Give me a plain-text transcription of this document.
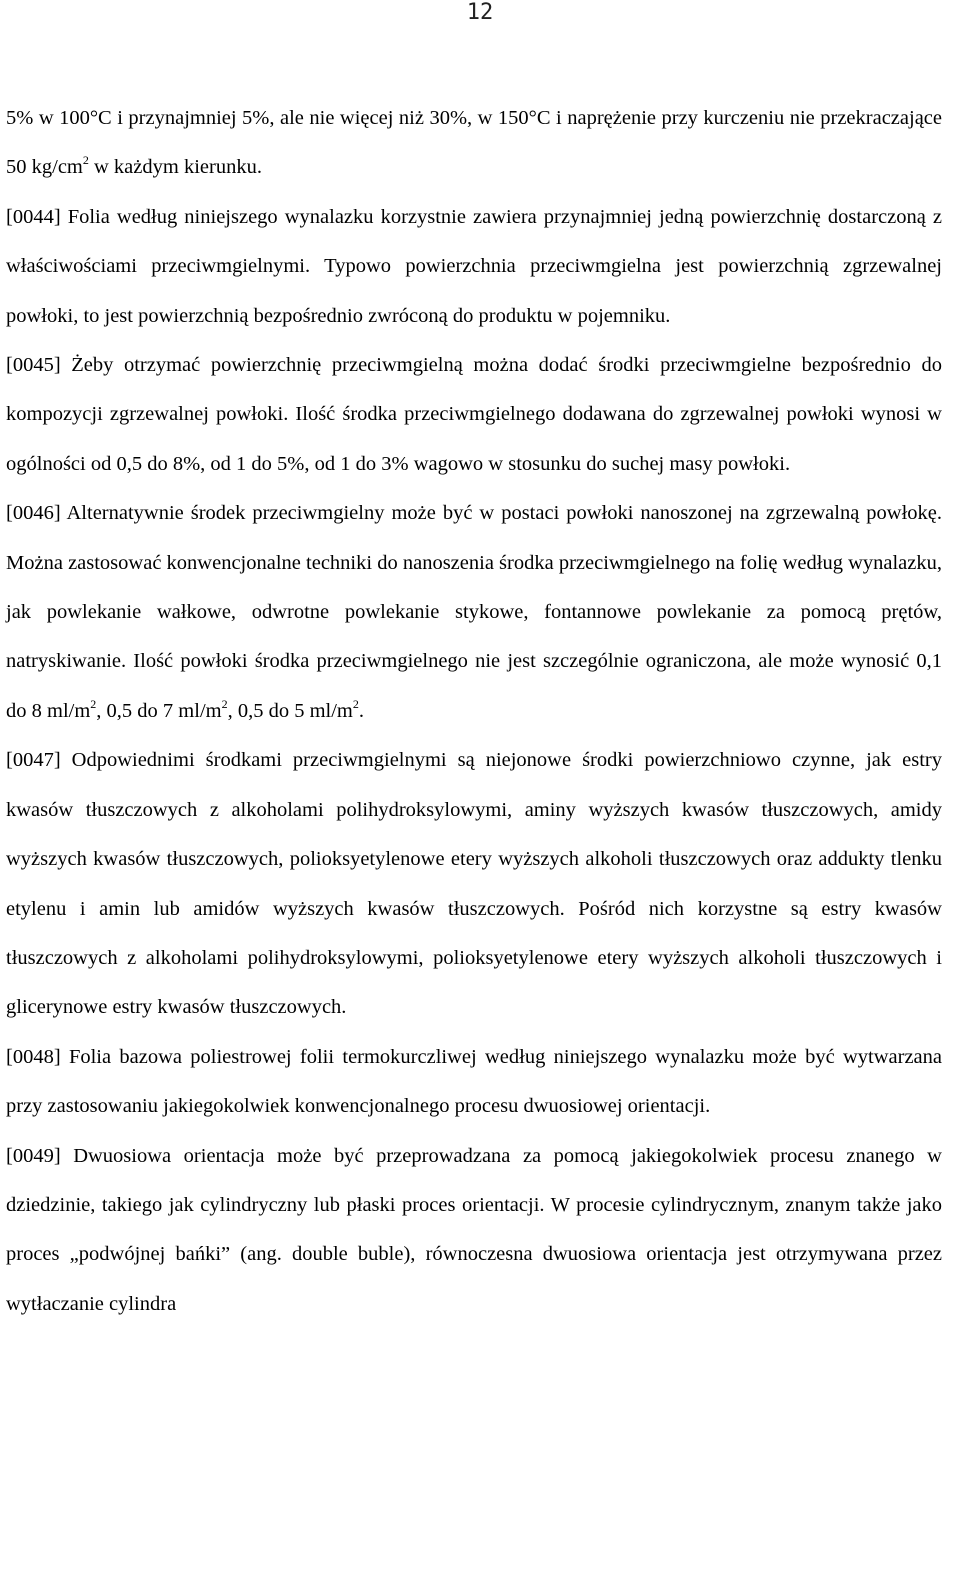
12

5% w 100°C i przynajmniej 5%, ale nie więcej niż 30%, w 150°C i naprężenie przy kurczeniu nie przekraczające 50 $kg/cm^2$ w każdym kierunku.

[0044] Folia według niniejszego wynalazku korzystnie zawiera przynajmniej jedną powierzchnię dostarczoną z właściwościami przeciwmgielnymi. Typowo powierzchnia przeciwmgielna jest powierzchnią zgrzewalnej powłoki, to jest powierzchnią bezpośrednio zwróconą do produktu w pojemniku.

[0045] Żeby otrzymać powierzchnię przeciwmgielną można dodać środki przeciwmgielne bezpośrednio do kompozycji zgrzewalnej powłoki. Ilość środka przeciwmgielnego dodawana do zgrzewalnej powłoki wynosi w ogólności od 0,5 do 8%, od 1 do 5%, od 1 do 3% wagowo w stosunku do suchej masy powłoki.

[0046] Alternatywnie środek przeciwmgielny może być w postaci powłoki nanoszonej na zgrzewalną powłokę. Można zastosować konwencjonalne techniki do nanoszenia środka przeciwmgielnego na folię według wynalazku, jak powlekanie wałkowe, odwrotne powlekanie stykowe, fontannowe powlekanie za pomocą prętów, natryskiwanie. Ilość powłoki środka przeciwmgielnego nie jest szczególnie ograniczona, ale może wynosić 0,1 do 8 $ml/m^2$, 0,5 do 7 $ml/m^2$, 0,5 do 5 $ml/m^2$.

[0047] Odpowiednimi środkami przeciwmgielnymi są niejonowe środki powierzchniowo czynne, jak estry kwasów tłuszczowych z alkoholami polihydroksylowymi, aminy wyższych kwasów tłuszczowych, amidy wyższych kwasów tłuszczowych, polioksyetylenowe etery wyższych alkoholi tłuszczowych oraz addukty tlenku etylenu i amin lub amidów wyższych kwasów tłuszczowych. Pośród nich korzystne są estry kwasów tłuszczowych z alkoholami polihydroksylowymi, polioksyetylenowe etery wyższych alkoholi tłuszczowych i glicerynowe estry kwasów tłuszczowych.

[0048] Folia bazowa poliestrowej folii termokurczliwej według niniejszego wynalazku może być wytwarzana przy zastosowaniu jakiegokolwiek konwencjonalnego procesu dwuosiowej orientacji.

[0049] Dwuosiowa orientacja może być przeprowadzana za pomocą jakiegokolwiek procesu znanego w dziedzinie, takiego jak cylindryczny lub płaski proces orientacji. W procesie cylindrycznym, znanym także jako proces „podwójnej bańki” (ang. double buble), równoczesna dwuosiowa orientacja jest otrzymywana przez wytłaczanie cylindra
